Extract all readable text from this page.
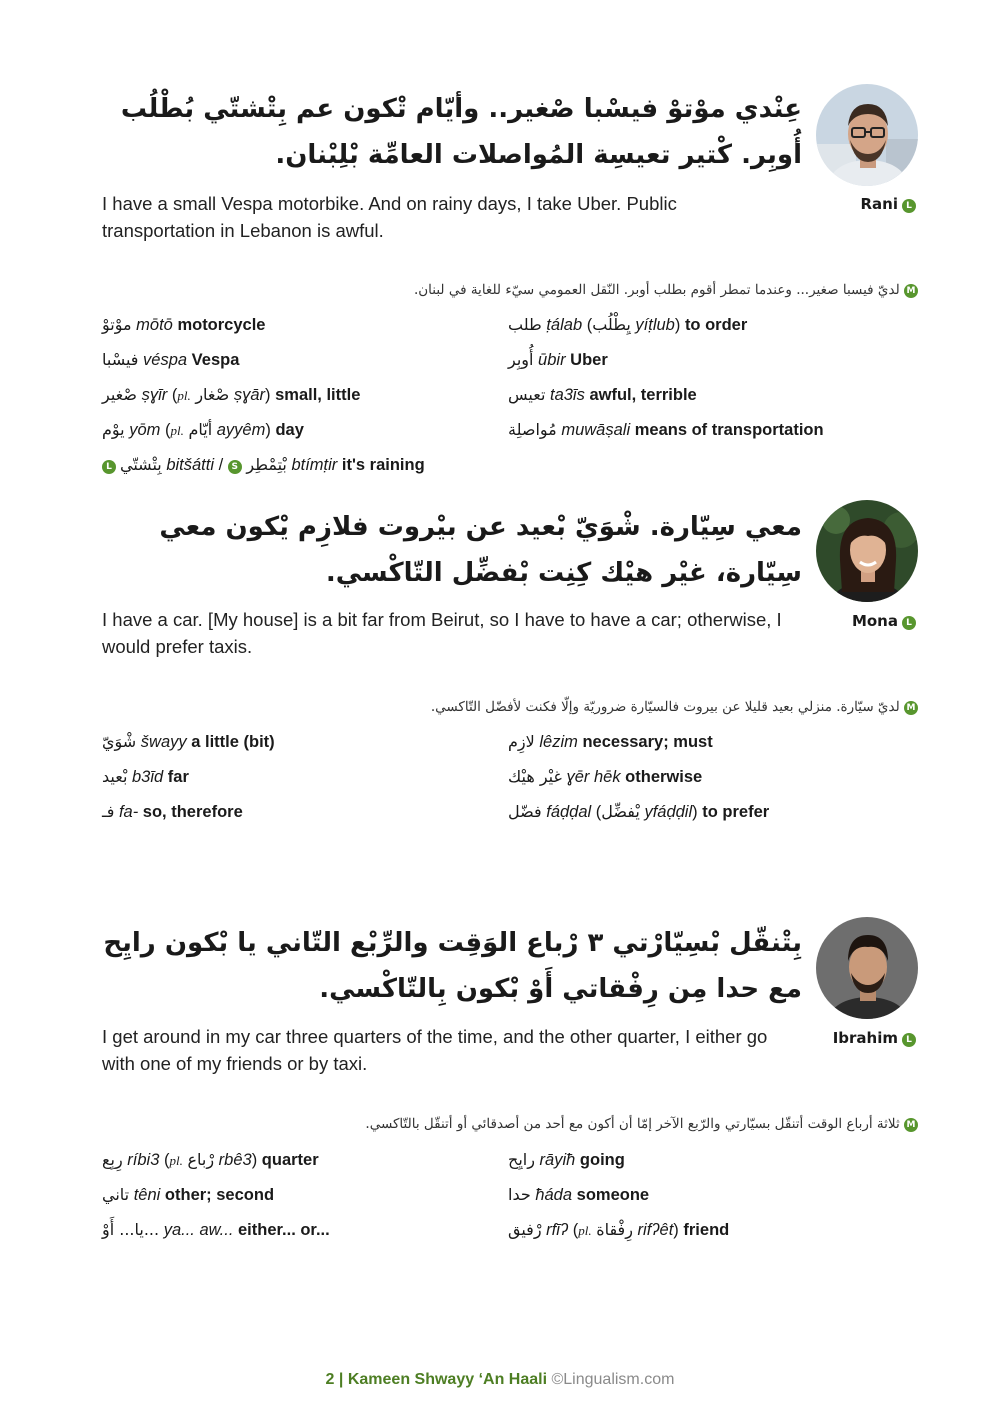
Rani L
عِنْدي موْتوْ فيسْبا صْغير.. وأيّام تْكون عم بِتْشتّي بُطْلُب أُوبِر. كْتير تعيسِة المُواصلات العامِّة بْلِبْنان.
I have a small Vespa motorbike. And on rainy days, I take Uber. Public transportation in Lebanon is awful.
M لديّ فيسبا صغير... وعندما تمطر أقوم بطلب أوبر. النّقل العمومي سيّء للغاية في لبنان.
موْتوْ mōtō motorcycle	طلب ṭálab (يِطْلُب yíṭlub) to order
فيسْبا véspa Vespa	أُوبِر ūbir Uber
صْغير ṣɣīr (pl. صْغار ṣɣār) small, little	تعيس ta3īs awful, terrible
يوْم yōm (pl. أيّام ayyêm) day	مُواصلِة muwāṣali means of transportation
L بِتْشتّي bitšátti / S بْتِمْطِر btímṭir it's raining
Mona L
معي سِيّارة. شْوَيّ بْعيد عن بيْروت فلازِم يْكون معي سِيّارة، غيْر هيْك كِنِت بْفضِّل التّاكْسي.
I have a car. [My house] is a bit far from Beirut, so I have to have a car; otherwise, I would prefer taxis.
M لديّ سيّارة. منزلي بعيد قليلا عن بيروت فالسيّارة ضروريّة وإلّا فكنت لأفضّل التّاكسي.
شْوَيّ šwayy a little (bit)	لازِم lêzim necessary; must
بْعيد b3īd far	غيْر هيْك ɣēr hēk otherwise
فـ fa- so, therefore	فضّل fáḍḍal (يْفضِّل yfáḍḍil) to prefer
Ibrahim L
بِتْنقّل بْسِيّارْتي ٣ رْباع الوَقِت والرِّبْع التّاني يا بْكون رايِح مع حدا مِن رِفْقاتي أَوْ بْكون بِالتّاكْسي.
I get around in my car three quarters of the time, and the other quarter, I either go with one of my friends or by taxi.
M ثلاثة أرباع الوقت أتنقّل بسيّارتي والرّبع الآخر إمّا أن أكون مع أحد من أصدقائي أو أتنقّل بالتّاكسي.
رِبِع ríbi3 (pl. رْباع rbê3) quarter	رايِح rāyiħ going
تاني têni other; second	حدا ħáda someone
يا... أَوْ... ya... aw... either... or...	رْفيق rfīʔ (pl. رِفْقاة rifʔêt) friend
2 | Kameen Shwayy ‘An Haali ©Lingualism.com
